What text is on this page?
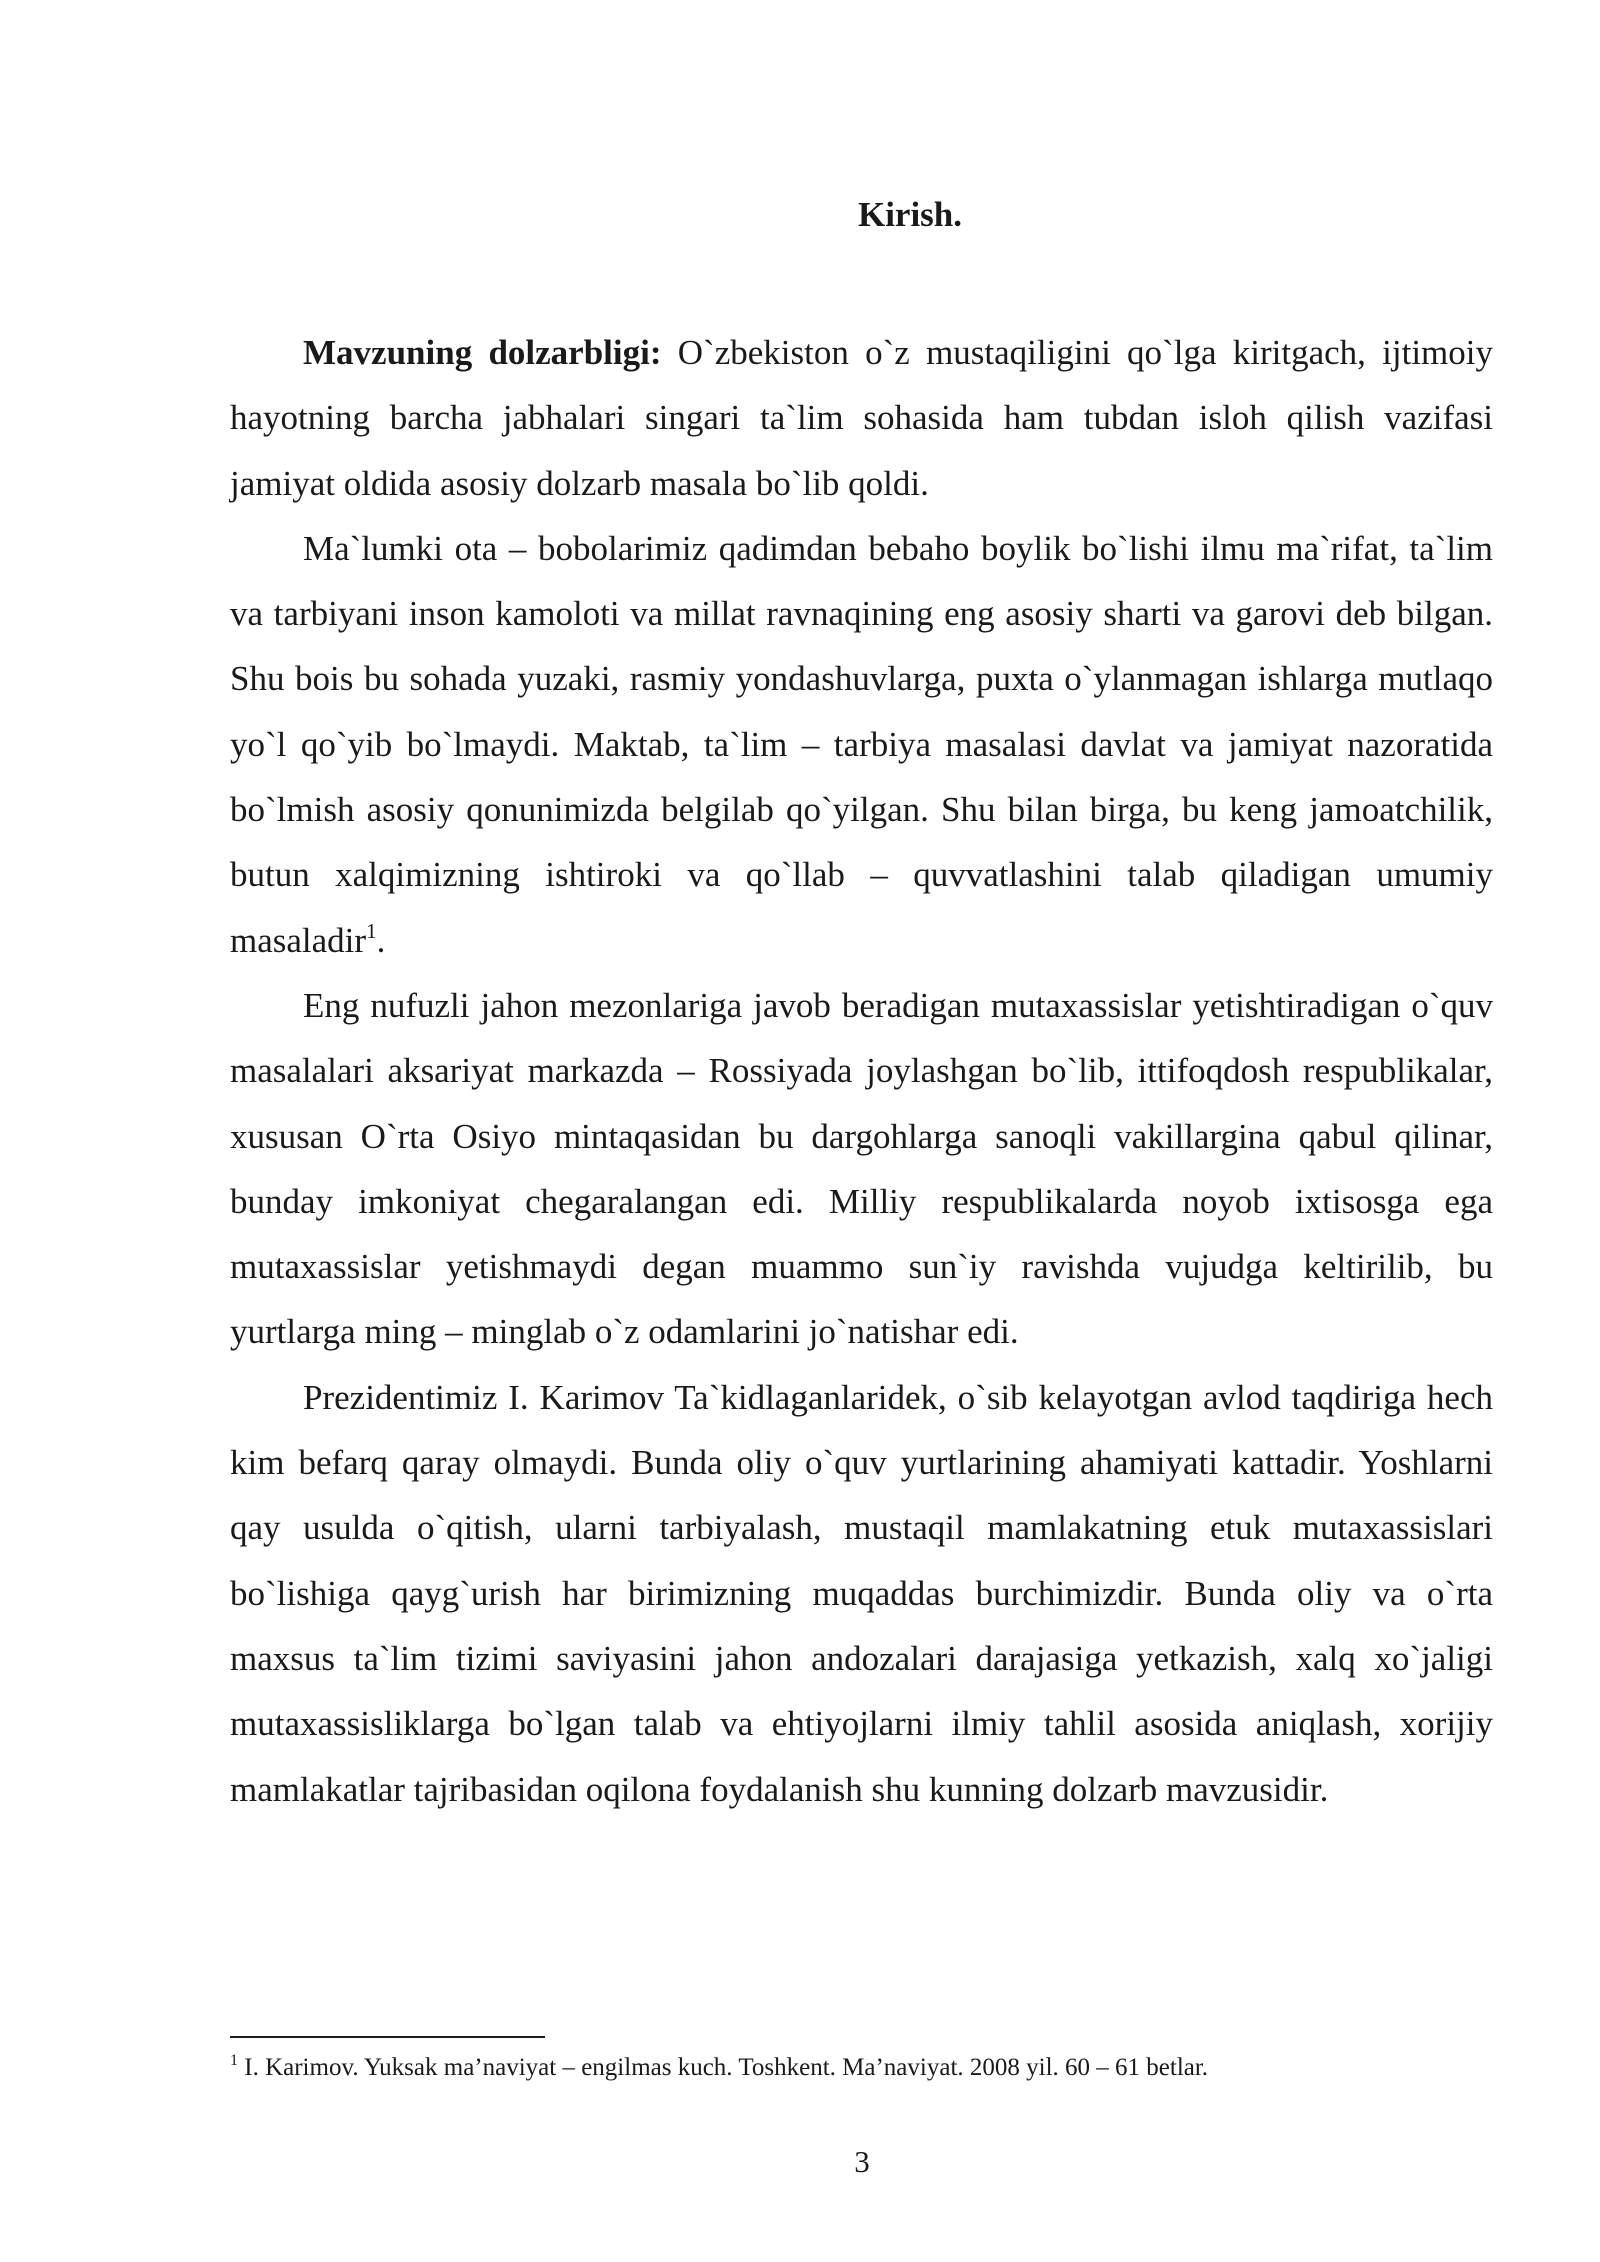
Kirish.

Mavzuning dolzarbligi: O`zbekiston o`z mustaqiligini qo`lga kiritgach, ijtimoiy hayotning barcha jabhalari singari ta`lim sohasida ham tubdan isloh qilish vazifasi jamiyat oldida asosiy dolzarb masala bo`lib qoldi.

Ma`lumki ota – bobolarimiz qadimdan bebaho boylik bo`lishi ilmu ma`rifat, ta`lim va tarbiyani inson kamoloti va millat ravnaqining eng asosiy sharti va garovi deb bilgan. Shu bois bu sohada yuzaki, rasmiy yondashuvlarga, puxta o`ylanmagan ishlarga mutlaqo yo`l qo`yib bo`lmaydi. Maktab, ta`lim – tarbiya masalasi davlat va jamiyat nazoratida bo`lmish asosiy qonunimizda belgilab qo`yilgan. Shu bilan birga, bu keng jamoatchilik, butun xalqimizning ishtiroki va qo`llab – quvvatlashini talab qiladigan umumiy masaladir$^1$.

Eng nufuzli jahon mezonlariga javob beradigan mutaxassislar yetishtiradigan o`quv masalalari aksariyat markazda – Rossiyada joylashgan bo`lib, ittifoqdosh respublikalar, xususan O`rta Osiyo mintaqasidan bu dargohlarga sanoqli vakillargina qabul qilinar, bunday imkoniyat chegaralangan edi. Milliy respublikalarda noyob ixtisosga ega mutaxassislar yetishmaydi degan muammo sun`iy ravishda vujudga keltirilib, bu yurtlarga ming – minglab o`z odamlarini jo`natishar edi.

Prezidentimiz I. Karimov Ta`kidlaganlaridek, o`sib kelayotgan avlod taqdiriga hech kim befarq qaray olmaydi. Bunda oliy o`quv yurtlarining ahamiyati kattadir. Yoshlarni qay usulda o`qitish, ularni tarbiyalash, mustaqil mamlakatning etuk mutaxassislari bo`lishiga qayg`urish har birimizning muqaddas burchimizdir. Bunda oliy va o`rta maxsus ta`lim tizimi saviyasini jahon andozalari darajasiga yetkazish, xalq xo`jaligi mutaxassisliklarga bo`lgan talab va ehtiyojlarni ilmiy tahlil asosida aniqlash, xorijiy mamlakatlar tajribasidan oqilona foydalanish shu kunning dolzarb mavzusidir.

$^1$ I. Karimov. Yuksak ma’naviyat – engilmas kuch. Toshkent. Ma’naviyat. 2008 yil. 60 – 61 betlar.

3
